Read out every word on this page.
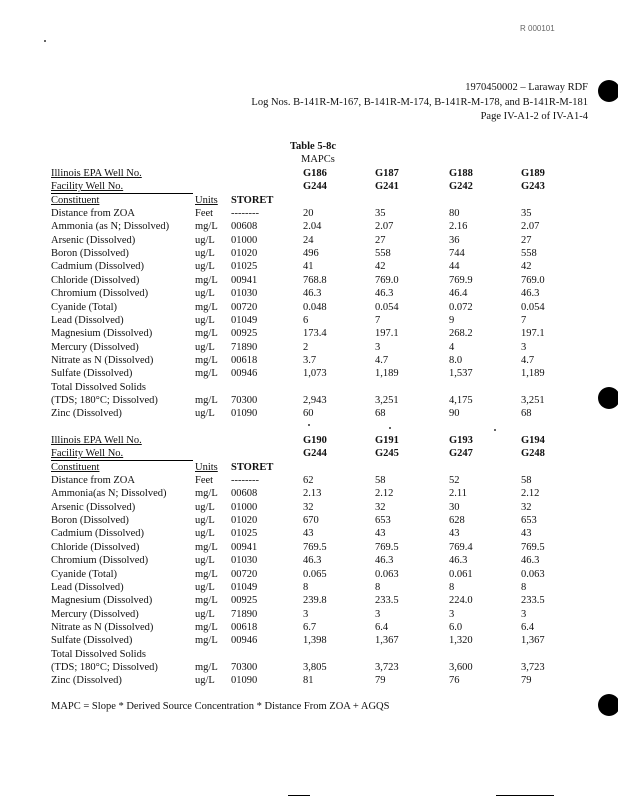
R 000101
1970450002 – Laraway RDF
Log Nos. B-141R-M-167, B-141R-M-174, B-141R-M-178, and B-141R-M-181
Page IV-A1-2 of IV-A1-4
Table 5-8c
MAPCs
Illinois EPA Well No.	G186	G187	G188	G189
Facility Well No.	G244	G241	G242	G243
Constituent	Units STORET
Distance from ZOA	Feet --------	20	35	80	35
Ammonia (as N; Dissolved) mg/L 00608	2.04	2.07	2.16	2.07
Arsenic (Dissolved)	ug/L 01000	24	27	36	27
Boron (Dissolved)	ug/L 01020	496	558	744	558
Cadmium (Dissolved)	ug/L 01025	41	42	44	42
Chloride (Dissolved)	mg/L 00941	768.8	769.0	769.9	769.0
Chromium (Dissolved)	ug/L 01030	46.3	46.3	46.4	46.3
Cyanide (Total)	mg/L 00720	0.048	0.054	0.072	0.054
Lead (Dissolved)	ug/L 01049	6	7	9	7
Magnesium (Dissolved)	mg/L 00925	173.4	197.1	268.2	197.1
Mercury (Dissolved)	ug/L 71890	2	3	4	3
Nitrate as N (Dissolved)	mg/L 00618	3.7	4.7	8.0	4.7
Sulfate (Dissolved)	mg/L 00946	1,073	1,189	1,537	1,189
Total Dissolved Solids
(TDS; 180°C; Dissolved)	mg/L 70300	2,943	3,251	4,175	3,251
Zinc (Dissolved)	ug/L 01090	60	68	90	68
Illinois EPA Well No.	G190	G191	G193	G194
Facility Well No.	G244	G245	G247	G248
Constituent	Units STORET
Distance from ZOA	Feet --------	62	58	52	58
Ammonia(as N; Dissolved)	mg/L 00608	2.13	2.12	2.11	2.12
Arsenic (Dissolved)	ug/L 01000	32	32	30	32
Boron (Dissolved)	ug/L 01020	670	653	628	653
Cadmium (Dissolved)	ug/L 01025	43	43	43	43
Chloride (Dissolved)	mg/L 00941	769.5	769.5	769.4	769.5
Chromium (Dissolved)	ug/L 01030	46.3	46.3	46.3	46.3
Cyanide (Total)	mg/L 00720	0.065	0.063	0.061	0.063
Lead (Dissolved)	ug/L 01049	8	8	8	8
Magnesium (Dissolved)	mg/L 00925	239.8	233.5	224.0	233.5
Mercury (Dissolved)	ug/L 71890	3	3	3	3
Nitrate as N (Dissolved)	mg/L 00618	6.7	6.4	6.0	6.4
Sulfate (Dissolved)	mg/L 00946	1,398	1,367	1,320	1,367
Total Dissolved Solids
(TDS; 180°C; Dissolved)	mg/L 70300	3,805	3,723	3,600	3,723
Zinc (Dissolved)	ug/L 01090	81	79	76	79
MAPC = Slope * Derived Source Concentration * Distance From ZOA + AGQS
